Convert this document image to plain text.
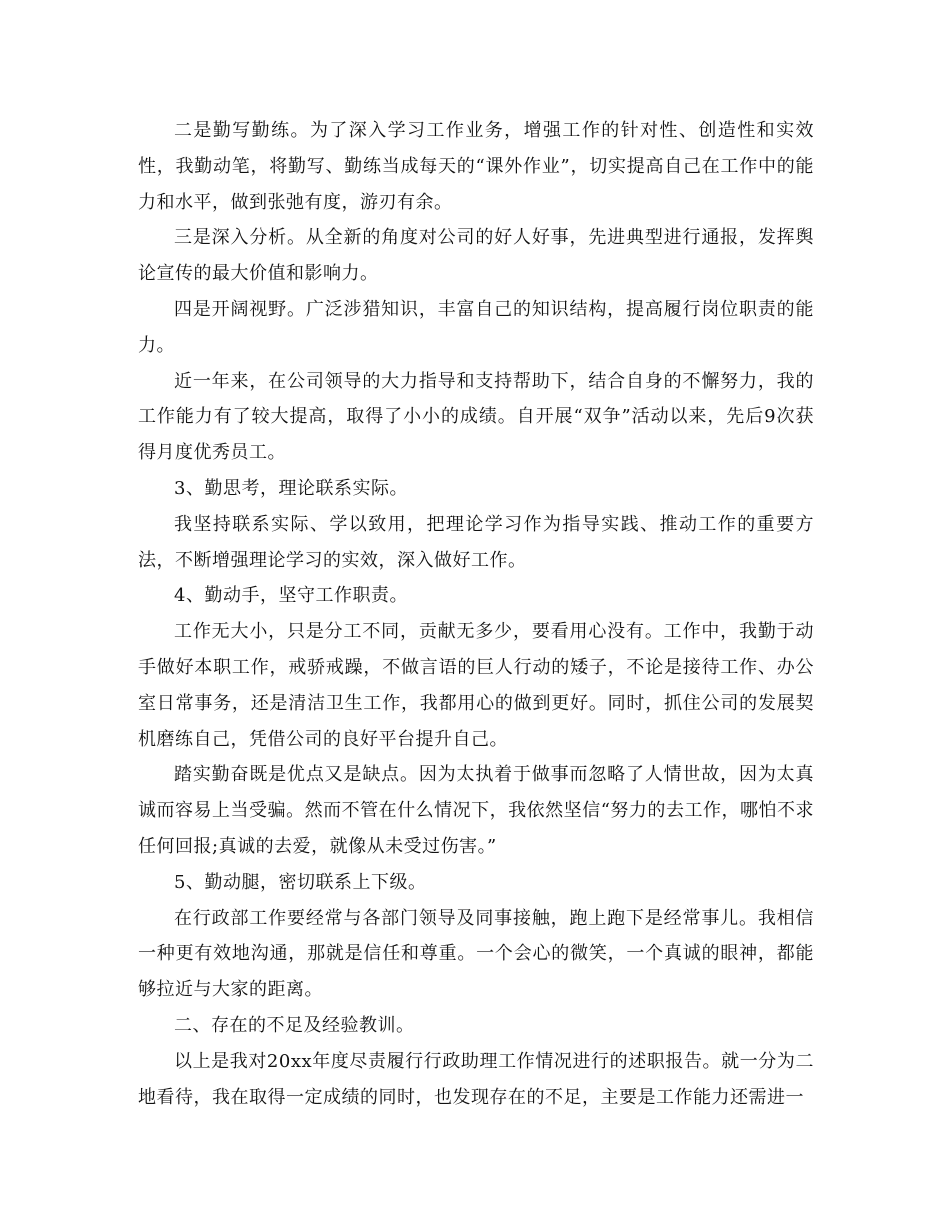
二是勤写勤练。为了深入学习工作业务，增强工作的针对性、创造性和实效性，我勤动笔，将勤写、勤练当成每天的“课外作业”，切实提高自己在工作中的能力和水平，做到张弛有度，游刃有余。

三是深入分析。从全新的角度对公司的好人好事，先进典型进行通报，发挥舆论宣传的最大价值和影响力。

四是开阔视野。广泛涉猎知识，丰富自己的知识结构，提高履行岗位职责的能力。

近一年来，在公司领导的大力指导和支持帮助下，结合自身的不懈努力，我的工作能力有了较大提高，取得了小小的成绩。自开展“双争”活动以来，先后9次获得月度优秀员工。

3、勤思考，理论联系实际。

我坚持联系实际、学以致用，把理论学习作为指导实践、推动工作的重要方法，不断增强理论学习的实效，深入做好工作。

4、勤动手，坚守工作职责。

工作无大小，只是分工不同，贡献无多少，要看用心没有。工作中，我勤于动手做好本职工作，戒骄戒躁，不做言语的巨人行动的矮子，不论是接待工作、办公室日常事务，还是清洁卫生工作，我都用心的做到更好。同时，抓住公司的发展契机磨练自己，凭借公司的良好平台提升自己。

踏实勤奋既是优点又是缺点。因为太执着于做事而忽略了人情世故，因为太真诚而容易上当受骗。然而不管在什么情况下，我依然坚信“努力的去工作，哪怕不求任何回报;真诚的去爱，就像从未受过伤害。”

5、勤动腿，密切联系上下级。

在行政部工作要经常与各部门领导及同事接触，跑上跑下是经常事儿。我相信一种更有效地沟通，那就是信任和尊重。一个会心的微笑，一个真诚的眼神，都能够拉近与大家的距离。

二、存在的不足及经验教训。

以上是我对20xx年度尽责履行行政助理工作情况进行的述职报告。就一分为二地看待，我在取得一定成绩的同时，也发现存在的不足，主要是工作能力还需进一
